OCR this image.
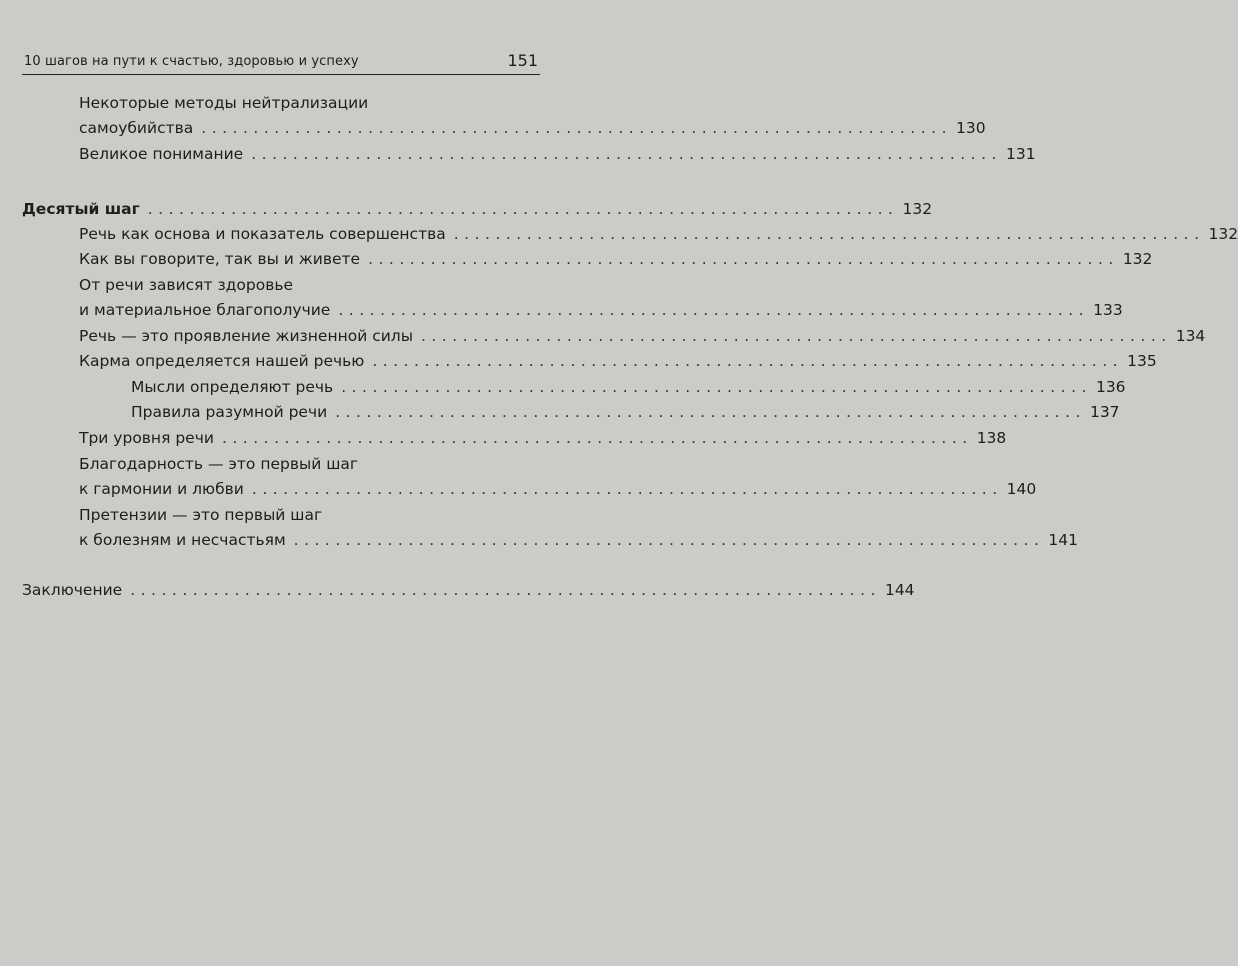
10 шагов на пути к счастью, здоровью и успеху	151
Некоторые методы нейтрализации
самоубийства ........................................................................ 130
Великое понимание ........................................................................ 131
Десятый шаг ........................................................................ 132
Речь как основа и показатель совершенства ........................................................................ 132
Как вы говорите, так вы и живете ........................................................................ 132
От речи зависят здоровье
и материальное благополучие ........................................................................ 133
Речь — это проявление жизненной силы ........................................................................ 134
Карма определяется нашей речью ........................................................................ 135
Мысли определяют речь ........................................................................ 136
Правила разумной речи ........................................................................ 137
Три уровня речи ........................................................................ 138
Благодарность — это первый шаг
к гармонии и любви ........................................................................ 140
Претензии — это первый шаг
к болезням и несчастьям ........................................................................ 141
Заключение ........................................................................ 144
